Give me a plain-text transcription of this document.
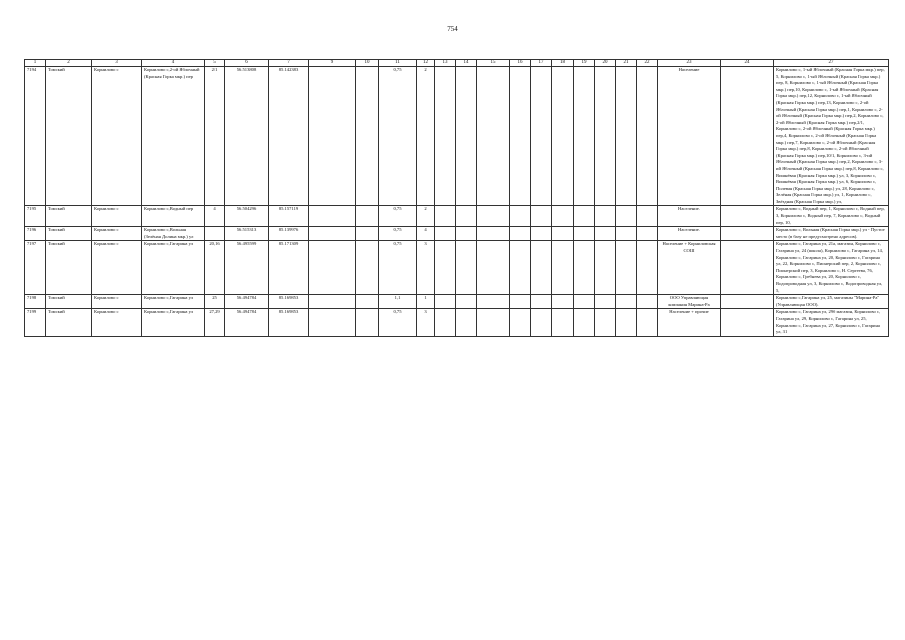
754
1	2	3	4	5	6	7	9	10	11	12	13	14	15	16	17	18	19	20	21	22	23	24	27
7194	Томский	Корнилово с	Корнилово с,2-ой Яблочный (Красная Горка мкр.) пер	2/1	56.513808	85.142383			0,75	2											Население		Корнилово с, 1-ый Яблочный (Красная Горка мкр.) пер, 5, Корнилово с, 1-ый Яблочный (Красная Горка мкр.) пер, 8, Корнилово с, 1-ый Яблочный (Красная Горка мкр.) пер,10, Корнилово с, 1-ый Яблочный (Красная Горка мкр.) пер,12, Корнилово с, 1-ый Яблочный (Красная Горка мкр.) пер,13, Корнилово с, 2-ой Яблочный (Красная Горка мкр.) пер,1, Корнилово с, 2-ой Яблочный (Красная Горка мкр.) пер,2, Корнилово с, 2-ой Яблочный (Красная Горка мкр.) пер,2/1, Корнилово с, 2-ой Яблочный (Красная Горка мкр.) пер,4, Корнилово с, 2-ой Яблочный (Красная Горка мкр.) пер,7, Корнилово с, 2-ой Яблочный (Красная Горка мкр.) пер,8, Корнилово с, 2-ой Яблочный (Красная Горка мкр.) пер,10/1, Корнилово с, 3-ий Яблочный (Красная Горка мкр.) пер,2, Корнилово с, 3-ий Яблочный (Красная Горка мкр.) пер,8, Корнилово с, Вишнёвая (Красная Горка мкр.) ул, 3, Корнилово с, Вишнёвая (Красная Горка мкр.) ул, 6, Корнилово с, Полевая (Красная Горка мкр.) ул, 28, Корнилово с, Зелёная (Красная Горка мкр.) ул, 1, Корнилово с, Звёздная (Красная Горка мкр.) ул,
7195	Томский	Корнилово с	Корнилово с,Водный пер	4	56.504296	85.157119			0,75	2											Население.		Корнилово с, Водный пер, 1, Корнилово с, Водный пер, 3, Корнилово с, Водный пер, 7, Корнилово с, Водный пер, 10,
7196	Томский	Корнилово с	Корнилово с,Вольная (Зелёная Долина мкр.) ул		56.515313	85.139976			0,75	4											Население.		Корнилово с, Вольная (Красная Горка мкр.) ул - Пустое место (в базу не предусмотрено адресов).
7197	Томский	Корнилово с	Корнилово с,Гагарина ул	20,16	56.495599	85.171309			0,75	3											Население + Корниловская СОШ		Корнилово с, Гагарина ул, 21а, магазин, Корнилово с, Гагарина ул, 24 (школа), Корнилово с, Гагарина ул, 14, Корнилово с, Гагарина ул, 20, Корнилово с, Гагарина ул, 22, Корнилово с, Пионерский пер, 2, Корнилово с, Пионерский пер, 3, Корнилово с, Н. Сергеева, 76, Корнилово с, Гребнева ул, 20, Корнилово с, Водопроводная ул, 3, Корнилово с, Водопроводная ул, 5,
7198	Томский	Корнилово с	Корнилово с,Гагарина ул	25	56.494784	85.169853			1,1	1											ООО Управляющая компания Марина-Ра		Корнилово с,Гагарина ул, 25, магазины "Марина-Ра" (Управляющая ООО).
7199	Томский	Корнилово с	Корнилово с,Гагарина ул	27,29	56.494784	85.169853			0,75	3											Население + прочие		Корнилово с, Гагарина ул, 29б магазин, Корнилово с, Гагарина ул, 29, Корнилово с, Гагарина ул, 25, Корнилово с, Гагарина ул, 27, Корнилово с, Гагарина ул, 31
